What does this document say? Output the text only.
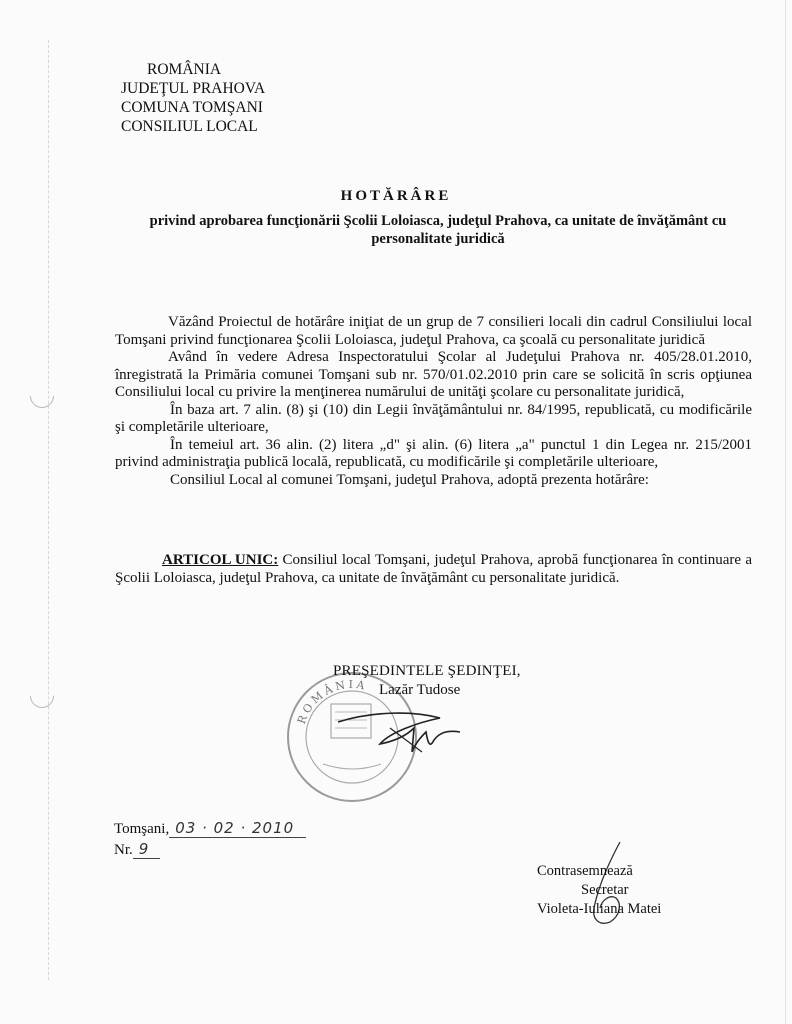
ROMÂNIA
JUDEŢUL PRAHOVA
COMUNA TOMŞANI
CONSILIUL LOCAL
HOTĂRÂRE
privind aprobarea funcţionării Şcolii Loloiasca, judeţul Prahova, ca unitate de învăţământ cu
personalitate juridică

Văzând Proiectul de hotărâre iniţiat de un grup de 7 consilieri locali din cadrul Consiliului local Tomşani privind funcţionarea Şcolii Loloiasca, judeţul Prahova, ca şcoală cu personalitate juridică

Având în vedere Adresa Inspectoratului Şcolar al Judeţului Prahova nr. 405/28.01.2010, înregistrată la Primăria comunei Tomşani sub nr. 570/01.02.2010 prin care se solicită în scris opţiunea Consiliului local cu privire la menţinerea numărului de unităţi şcolare cu personalitate juridică,

În baza art. 7 alin. (8) şi (10) din Legii învăţământului nr. 84/1995, republicată, cu modificările şi completările ulterioare,

În temeiul art. 36 alin. (2) litera „d" şi alin. (6) litera „a" punctul 1 din Legea nr. 215/2001 privind administraţia publică locală, republicată, cu modificările şi completările ulterioare,

Consiliul Local al comunei Tomşani, judeţul Prahova, adoptă prezenta hotărâre:

ARTICOL UNIC: Consiliul local Tomşani, judeţul Prahova, aprobă funcţionarea în continuare a Şcolii Loloiasca, judeţul Prahova, ca unitate de învăţământ cu personalitate juridică.
ROMÂNIA
PREŞEDINTELE ŞEDINŢEI,
Lazăr Tudose
Tomşani, 03 · 02 · 2010
Nr. 9
Contrasemnează
Secretar
Violeta-Iuliana Matei
